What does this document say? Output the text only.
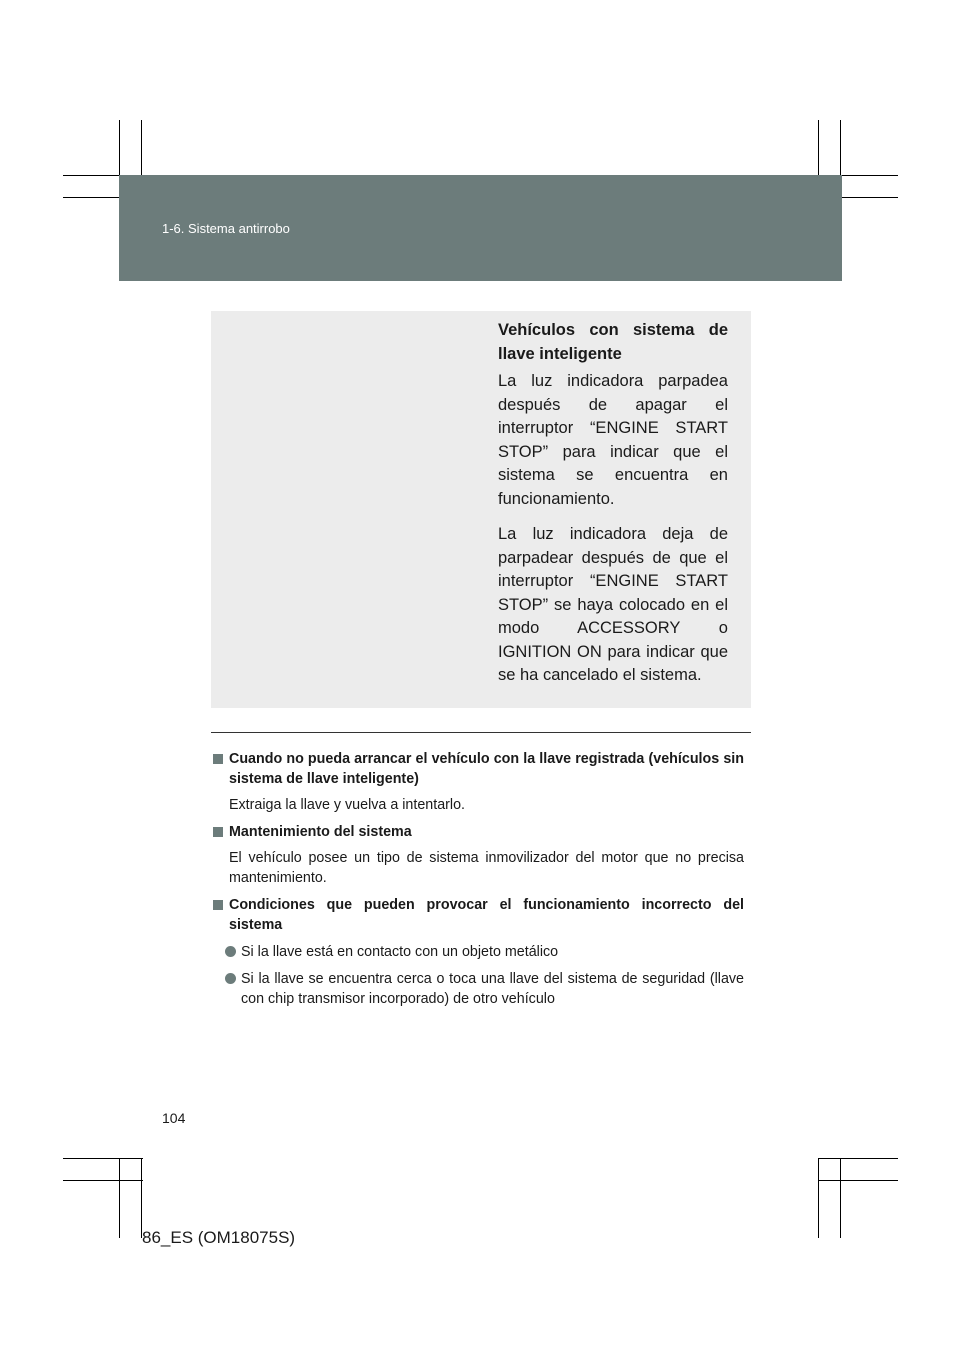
1-6. Sistema antirrobo

Vehículos con sistema de llave inteligente

La luz indicadora parpadea después de apagar el interruptor “ENGINE START STOP” para indicar que el sistema se encuentra en funcionamiento.

La luz indicadora deja de parpadear después de que el interruptor “ENGINE START STOP” se haya colocado en el modo ACCESSORY o IGNITION ON para indicar que se ha cancelado el sistema.

Cuando no pueda arrancar el vehículo con la llave registrada (vehículos sin sistema de llave inteligente)
Extraiga la llave y vuelva a intentarlo.
Mantenimiento del sistema
El vehículo posee un tipo de sistema inmovilizador del motor que no precisa mantenimiento.
Condiciones que pueden provocar el funcionamiento incorrecto del sistema
Si la llave está en contacto con un objeto metálico
Si la llave se encuentra cerca o toca una llave del sistema de seguridad (llave con chip transmisor incorporado) de otro vehículo
104
86_ES (OM18075S)
